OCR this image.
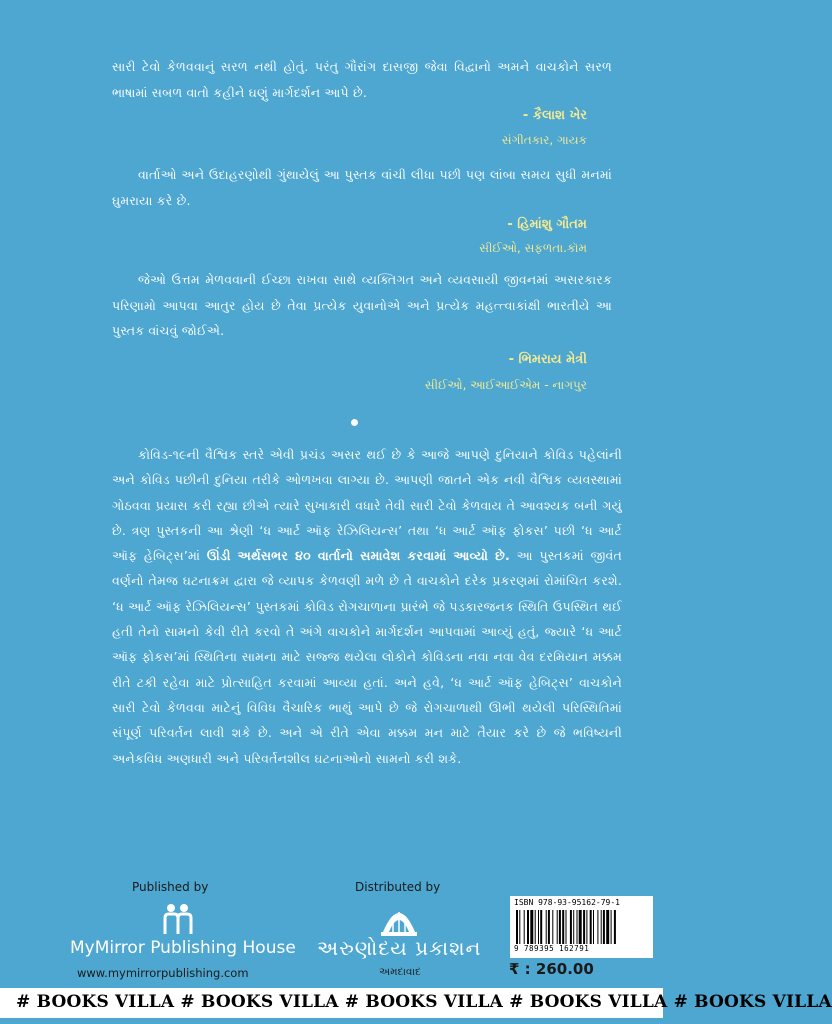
સારી ટેવો કેળવવાનું સરળ નથી હોતું. પરંતુ ગૌરાંગ દાસજી જેવા વિદ્વાનો અમને વાચકોને સરળ ભાષામાં સબળ વાતો કહીને ઘણું માર્ગદર્શન આપે છે.

- કૈલાશ ખેર
સંગીતકાર, ગાયક

વાર્તાઓ અને ઉદાહરણોથી ગુંથાયેલું આ પુસ્તક વાંચી લીધા પછી પણ લાંબા સમય સુધી મનમાં ઘુમરાયા કરે છે.

- હિમાંશુ ગૌતમ
સીઈઓ, સફળતા.કૉમ

જેઓ ઉત્તમ મેળવવાની ઈચ્છા રાખવા સાથે વ્યક્તિગત અને વ્યવસાયી જીવનમાં અસરકારક પરિણામો આપવા આતુર હોય છે તેવા પ્રત્યેક યુવાનોએ અને પ્રત્યેક મહત્ત્વાકાંક્ષી ભારતીયે આ પુસ્તક વાંચવું જોઈએ.

- ભિમરાય મેત્રી
સીઈઓ, આઈઆઈએમ - નાગપુર

કોવિડ-૧૯ની વૈશ્વિક સ્તરે એવી પ્રચંડ અસર થઈ છે કે આજે આપણે દુનિયાને કોવિડ પહેલાંની અને કોવિડ પછીની દુનિયા તરીકે ઓળખવા લાગ્યા છે. આપણી જાતને એક નવી વૈશ્વિક વ્યવસ્થામાં ગોઠવવા પ્રયાસ કરી રહ્યા છીએ ત્યારે સુખાકારી વધારે તેવી સારી ટેવો કેળવાય તે આવશ્યક બની ગયું છે. ત્રણ પુસ્તકની આ શ્રેણી ‘ધ આર્ટ ઑફ રેઝિલિયન્સ’ તથા ‘ધ આર્ટ ઑફ ફોકસ’ પછી ‘ધ આર્ટ ઑફ હેબિટ્સ’માં ઊંડી અર્થસભર ૪૦ વાર્તાનો સમાવેશ કરવામાં આવ્યો છે. આ પુસ્તકમાં જીવંત વર્ણનો તેમજ ઘટનાક્રમ દ્વારા જે વ્યાપક કેળવણી મળે છે તે વાચકોને દરેક પ્રકરણમાં રોમાંચિત કરશે. ‘ધ આર્ટ ઑફ રેઝિલિયન્સ’ પુસ્તકમાં કોવિડ રોગચાળાના પ્રારંભે જે પડકારજનક સ્થિતિ ઉપસ્થિત થઈ હતી તેનો સામનો કેવી રીતે કરવો તે અંગે વાચકોને માર્ગદર્શન આપવામાં આવ્યું હતું, જ્યારે ‘ધ આર્ટ ઑફ ફોકસ’માં સ્થિતિના સામના માટે સજ્જ થયેલા લોકોને કોવિડના નવા નવા વેવ દરમિયાન મક્કમ રીતે ટકી રહેવા માટે પ્રોત્સાહિત કરવામાં આવ્યા હતાં. અને હવે, ‘ધ આર્ટ ઑફ હેબિટ્સ’ વાચકોને સારી ટેવો કેળવવા માટેનું વિવિધ વૈચારિક ભાથું આપે છે જે રોગચાળાથી ઊભી થયેલી પરિસ્થિતિમાં સંપૂર્ણ પરિવર્તન લાવી શકે છે. અને એ રીતે એવા મક્કમ મન માટે તૈયાર કરે છે જે ભવિષ્યની અનેકવિધ અણધારી અને પરિવર્તનશીલ ઘટનાઓનો સામનો કરી શકે.

Published by
MyMirror Publishing House
www.mymirrorpublishing.com
Distributed by
અરુણોદય પ્રકાશન
અમદાવાદ
ISBN 978-93-95162-79-1
9 789395 162791
₹ : 260.00
# BOOKS VILLA # BOOKS VILLA # BOOKS VILLA # BOOKS VILLA # BOOKS VILLA
